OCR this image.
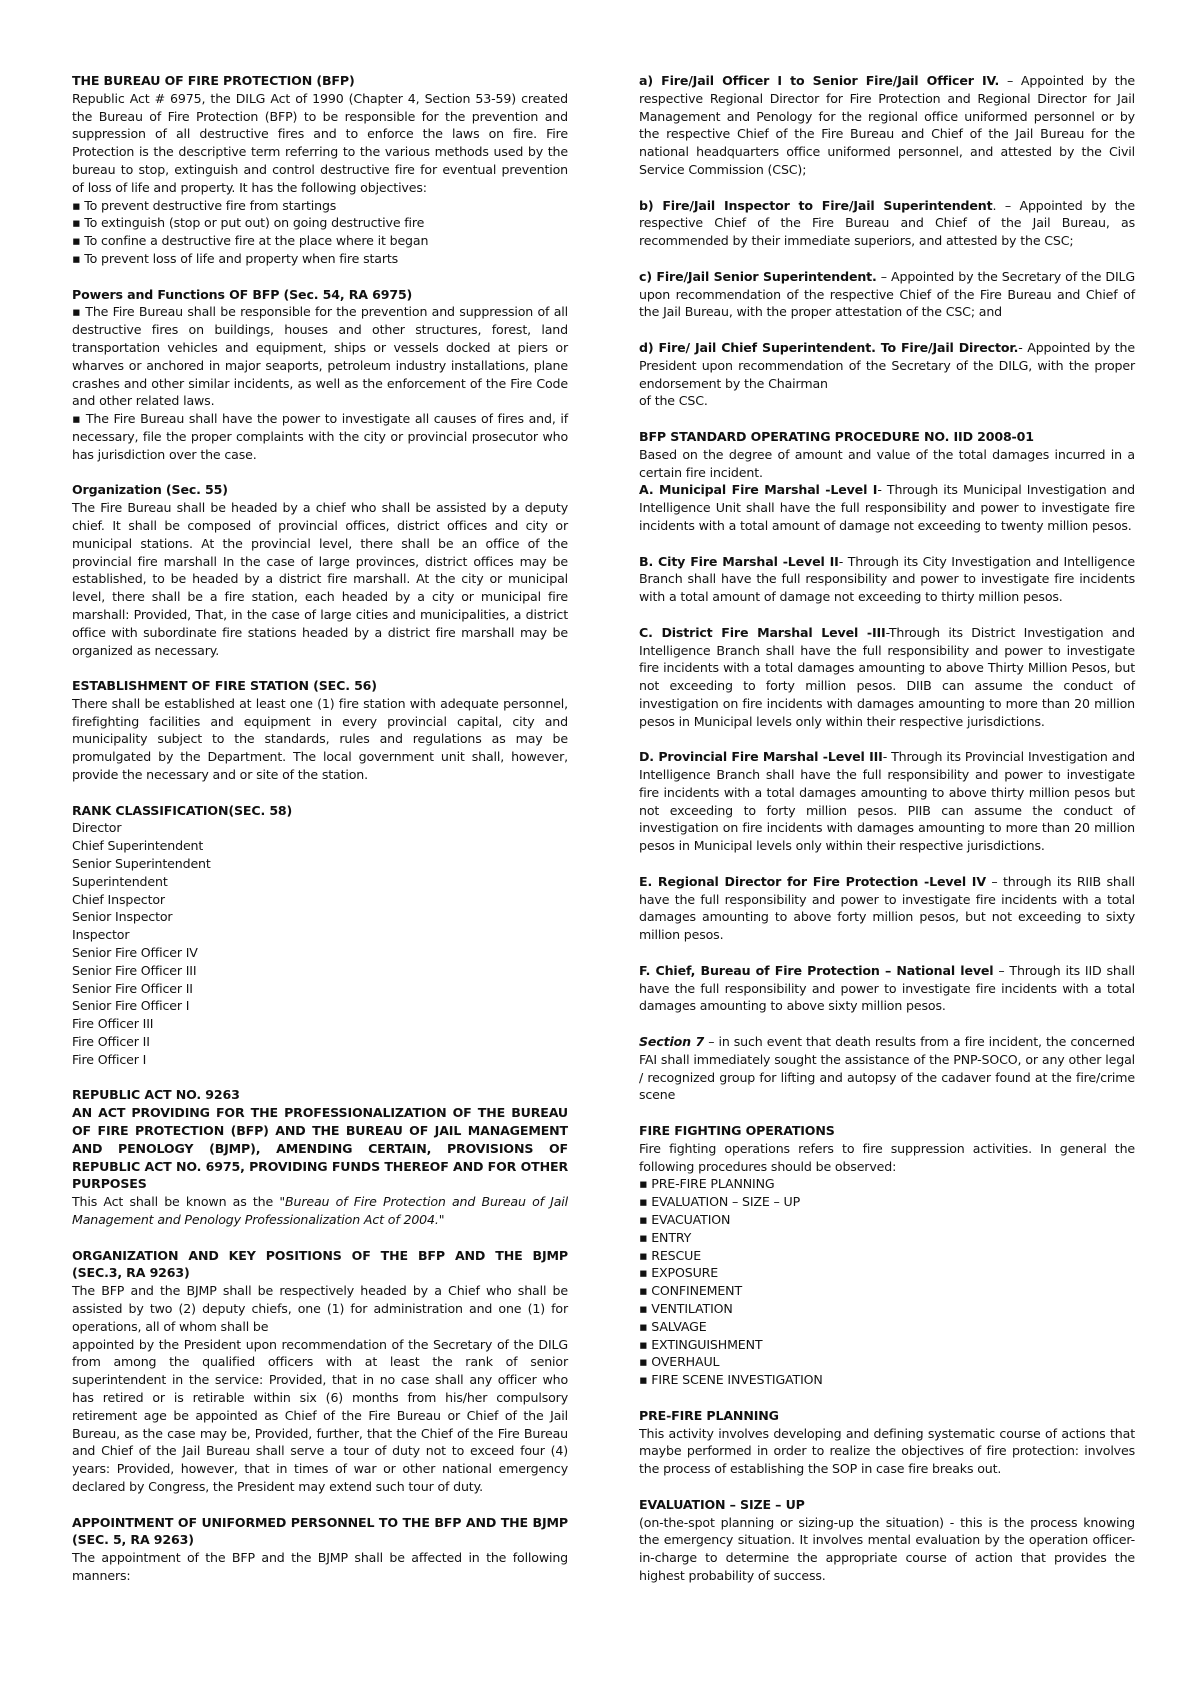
THE BUREAU OF FIRE PROTECTION (BFP)

Republic Act # 6975, the DILG Act of 1990 (Chapter 4, Section 53-59) created the Bureau of Fire Protection (BFP) to be responsible for the prevention and suppression of all destructive fires and to enforce the laws on fire. Fire Protection is the descriptive term referring to the various methods used by the bureau to stop, extinguish and control destructive fire for eventual prevention of loss of life and property. It has the following objectives:

▪ To prevent destructive fire from startings
▪ To extinguish (stop or put out) on going destructive fire
▪ To confine a destructive fire at the place where it began
▪ To prevent loss of life and property when fire starts
Powers and Functions OF BFP (Sec. 54, RA 6975)
▪ The Fire Bureau shall be responsible for the prevention and suppression of all destructive fires on buildings, houses and other structures, forest, land transportation vehicles and equipment, ships or vessels docked at piers or wharves or anchored in major seaports, petroleum industry installations, plane crashes and other similar incidents, as well as the enforcement of the Fire Code and other related laws.
▪ The Fire Bureau shall have the power to investigate all causes of fires and, if necessary, file the proper complaints with the city or provincial prosecutor who has jurisdiction over the case.
Organization (Sec. 55)

The Fire Bureau shall be headed by a chief who shall be assisted by a deputy chief. It shall be composed of provincial offices, district offices and city or municipal stations. At the provincial level, there shall be an office of the provincial fire marshall In the case of large provinces, district offices may be established, to be headed by a district fire marshall. At the city or municipal level, there shall be a fire station, each headed by a city or municipal fire marshall: Provided, That, in the case of large cities and municipalities, a district office with subordinate fire stations headed by a district fire marshall may be organized as necessary.

ESTABLISHMENT OF FIRE STATION (SEC. 56)

There shall be established at least one (1) fire station with adequate personnel, firefighting facilities and equipment in every provincial capital, city and municipality subject to the standards, rules and regulations as may be promulgated by the Department. The local government unit shall, however, provide the necessary and or site of the station.

RANK CLASSIFICATION(SEC. 58)
Director
Chief Superintendent
Senior Superintendent
Superintendent
Chief Inspector
Senior Inspector
Inspector
Senior Fire Officer IV
Senior Fire Officer III
Senior Fire Officer II
Senior Fire Officer I
Fire Officer III
Fire Officer II
Fire Officer I
REPUBLIC ACT NO. 9263
AN ACT PROVIDING FOR THE PROFESSIONALIZATION OF THE BUREAU OF FIRE PROTECTION (BFP) AND THE BUREAU OF JAIL MANAGEMENT AND PENOLOGY (BJMP), AMENDING CERTAIN, PROVISIONS OF REPUBLIC ACT NO. 6975, PROVIDING FUNDS THEREOF AND FOR OTHER PURPOSES

This Act shall be known as the "Bureau of Fire Protection and Bureau of Jail Management and Penology Professionalization Act of 2004."

ORGANIZATION AND KEY POSITIONS OF THE BFP AND THE BJMP (SEC.3, RA 9263)

The BFP and the BJMP shall be respectively headed by a Chief who shall be assisted by two (2) deputy chiefs, one (1) for administration and one (1) for operations, all of whom shall be

appointed by the President upon recommendation of the Secretary of the DILG from among the qualified officers with at least the rank of senior superintendent in the service: Provided, that in no case shall any officer who has retired or is retirable within six (6) months from his/her compulsory retirement age be appointed as Chief of the Fire Bureau or Chief of the Jail Bureau, as the case may be, Provided, further, that the Chief of the Fire Bureau and Chief of the Jail Bureau shall serve a tour of duty not to exceed four (4) years: Provided, however, that in times of war or other national emergency declared by Congress, the President may extend such tour of duty.

APPOINTMENT OF UNIFORMED PERSONNEL TO THE BFP AND THE BJMP (SEC. 5, RA 9263)

The appointment of the BFP and the BJMP shall be affected in the following manners:

a) Fire/Jail Officer I to Senior Fire/Jail Officer IV. – Appointed by the respective Regional Director for Fire Protection and Regional Director for Jail Management and Penology for the regional office uniformed personnel or by the respective Chief of the Fire Bureau and Chief of the Jail Bureau for the national headquarters office uniformed personnel, and attested by the Civil Service Commission (CSC);

b) Fire/Jail Inspector to Fire/Jail Superintendent. – Appointed by the respective Chief of the Fire Bureau and Chief of the Jail Bureau, as recommended by their immediate superiors, and attested by the CSC;

c) Fire/Jail Senior Superintendent. – Appointed by the Secretary of the DILG upon recommendation of the respective Chief of the Fire Bureau and Chief of the Jail Bureau, with the proper attestation of the CSC; and

d) Fire/ Jail Chief Superintendent. To Fire/Jail Director.- Appointed by the President upon recommendation of the Secretary of the DILG, with the proper endorsement by the Chairman

of the CSC.

BFP STANDARD OPERATING PROCEDURE NO. IID 2008-01

Based on the degree of amount and value of the total damages incurred in a certain fire incident.

A. Municipal Fire Marshal -Level I- Through its Municipal Investigation and Intelligence Unit shall have the full responsibility and power to investigate fire incidents with a total amount of damage not exceeding to twenty million pesos.

B. City Fire Marshal -Level II- Through its City Investigation and Intelligence Branch shall have the full responsibility and power to investigate fire incidents with a total amount of damage not exceeding to thirty million pesos.

C. District Fire Marshal Level -III-Through its District Investigation and Intelligence Branch shall have the full responsibility and power to investigate fire incidents with a total damages amounting to above Thirty Million Pesos, but not exceeding to forty million pesos. DIIB can assume the conduct of investigation on fire incidents with damages amounting to more than 20 million pesos in Municipal levels only within their respective jurisdictions.

D. Provincial Fire Marshal -Level III- Through its Provincial Investigation and Intelligence Branch shall have the full responsibility and power to investigate fire incidents with a total damages amounting to above thirty million pesos but not exceeding to forty million pesos. PIIB can assume the conduct of investigation on fire incidents with damages amounting to more than 20 million pesos in Municipal levels only within their respective jurisdictions.

E. Regional Director for Fire Protection -Level IV – through its RIIB shall have the full responsibility and power to investigate fire incidents with a total damages amounting to above forty million pesos, but not exceeding to sixty million pesos.

F. Chief, Bureau of Fire Protection – National level – Through its IID shall have the full responsibility and power to investigate fire incidents with a total damages amounting to above sixty million pesos.

Section 7 – in such event that death results from a fire incident, the concerned FAI shall immediately sought the assistance of the PNP-SOCO, or any other legal / recognized group for lifting and autopsy of the cadaver found at the fire/crime scene

FIRE FIGHTING OPERATIONS

Fire fighting operations refers to fire suppression activities. In general the following procedures should be observed:

▪ PRE-FIRE PLANNING
▪ EVALUATION – SIZE – UP
▪ EVACUATION
▪ ENTRY
▪ RESCUE
▪ EXPOSURE
▪ CONFINEMENT
▪ VENTILATION
▪ SALVAGE
▪ EXTINGUISHMENT
▪ OVERHAUL
▪ FIRE SCENE INVESTIGATION
PRE-FIRE PLANNING

This activity involves developing and defining systematic course of actions that maybe performed in order to realize the objectives of fire protection: involves the process of establishing the SOP in case fire breaks out.

EVALUATION – SIZE – UP

(on-the-spot planning or sizing-up the situation) - this is the process knowing the emergency situation. It involves mental evaluation by the operation officer-in-charge to determine the appropriate course of action that provides the highest probability of success.
